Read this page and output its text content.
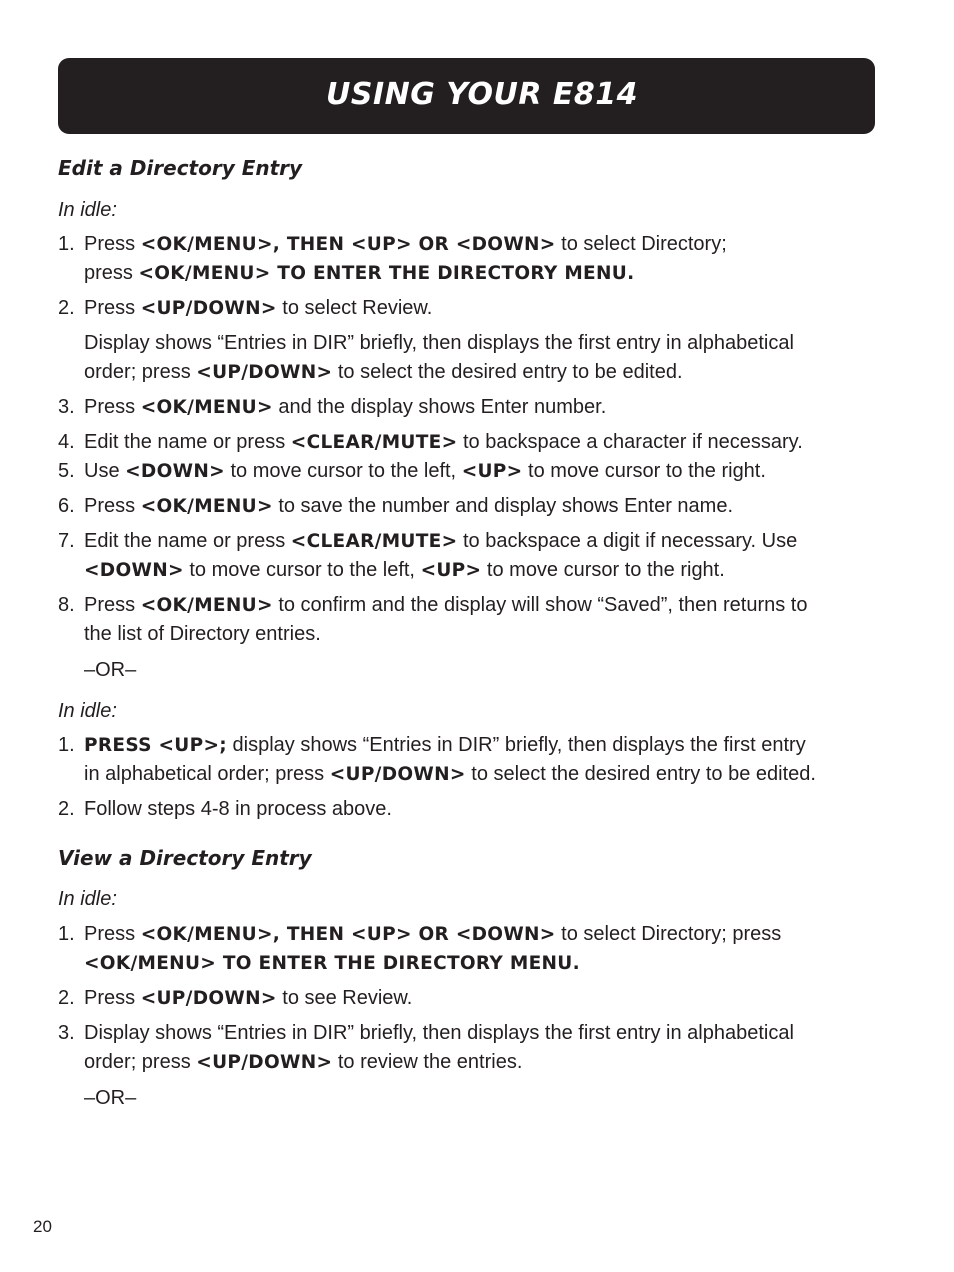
USING YOUR E814
Edit a Directory Entry

In idle:

1. Press <OK/MENU>, THEN <UP> OR <DOWN> to select Directory;
press <OK/MENU> TO ENTER THE DIRECTORY MENU.
2. Press <UP/DOWN> to select Review.

Display shows “Entries in DIR” briefly, then displays the first entry in alphabetical
order; press <UP/DOWN> to select the desired entry to be edited.

3. Press <OK/MENU> and the display shows Enter number.
4. Edit the name or press <CLEAR/MUTE> to backspace a character if necessary.
5. Use <DOWN> to move cursor to the left, <UP> to move cursor to the right.
6. Press <OK/MENU> to save the number and display shows Enter name.
7. Edit the name or press <CLEAR/MUTE> to backspace a digit if necessary. Use
<DOWN> to move cursor to the left, <UP> to move cursor to the right.
8. Press <OK/MENU> to confirm and the display will show “Saved”, then returns to
the list of Directory entries.

–OR–

In idle:

1. PRESS <UP>; display shows “Entries in DIR” briefly, then displays the first entry
in alphabetical order; press <UP/DOWN> to select the desired entry to be edited.
2. Follow steps 4-8 in process above.
View a Directory Entry

In idle:

1. Press <OK/MENU>, THEN <UP> OR <DOWN> to select Directory; press
<OK/MENU> TO ENTER THE DIRECTORY MENU.
2. Press <UP/DOWN> to see Review.
3. Display shows “Entries in DIR” briefly, then displays the first entry in alphabetical
order; press <UP/DOWN> to review the entries.

–OR–

20
